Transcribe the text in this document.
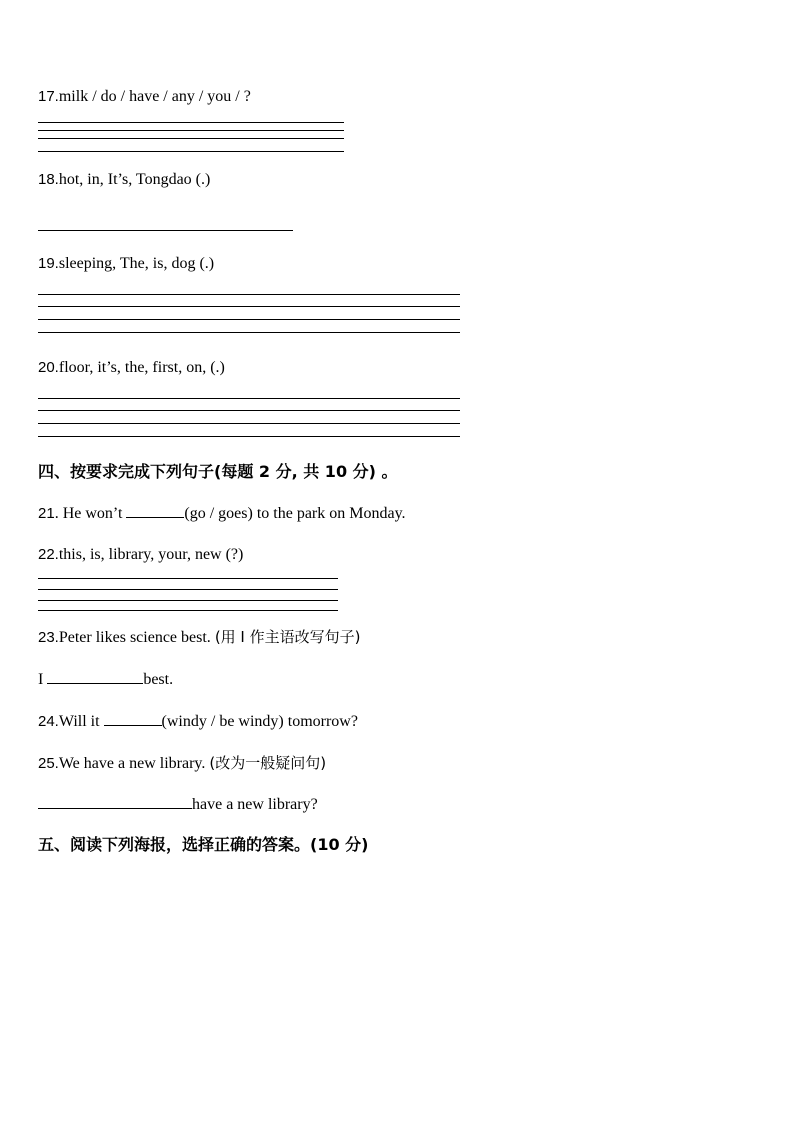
17.milk / do / have / any / you / ?
18.hot, in, It’s, Tongdao (.)
19.sleeping, The, is, dog (.)
20.floor, it’s, the, first, on, (.)
四、按要求完成下列句子(每题 2 分, 共 10 分) 。
21. He won’t	(go / goes) to the park on Monday.
22.this, is, library, your, new (?)
23.Peter likes science best. (用 I 作主语改写句子)
I	best.
24.Will it	(windy / be windy) tomorrow?
25.We have a new library. (改为一般疑问句)
have a new library?
五、阅读下列海报，选择正确的答案。(10 分)
